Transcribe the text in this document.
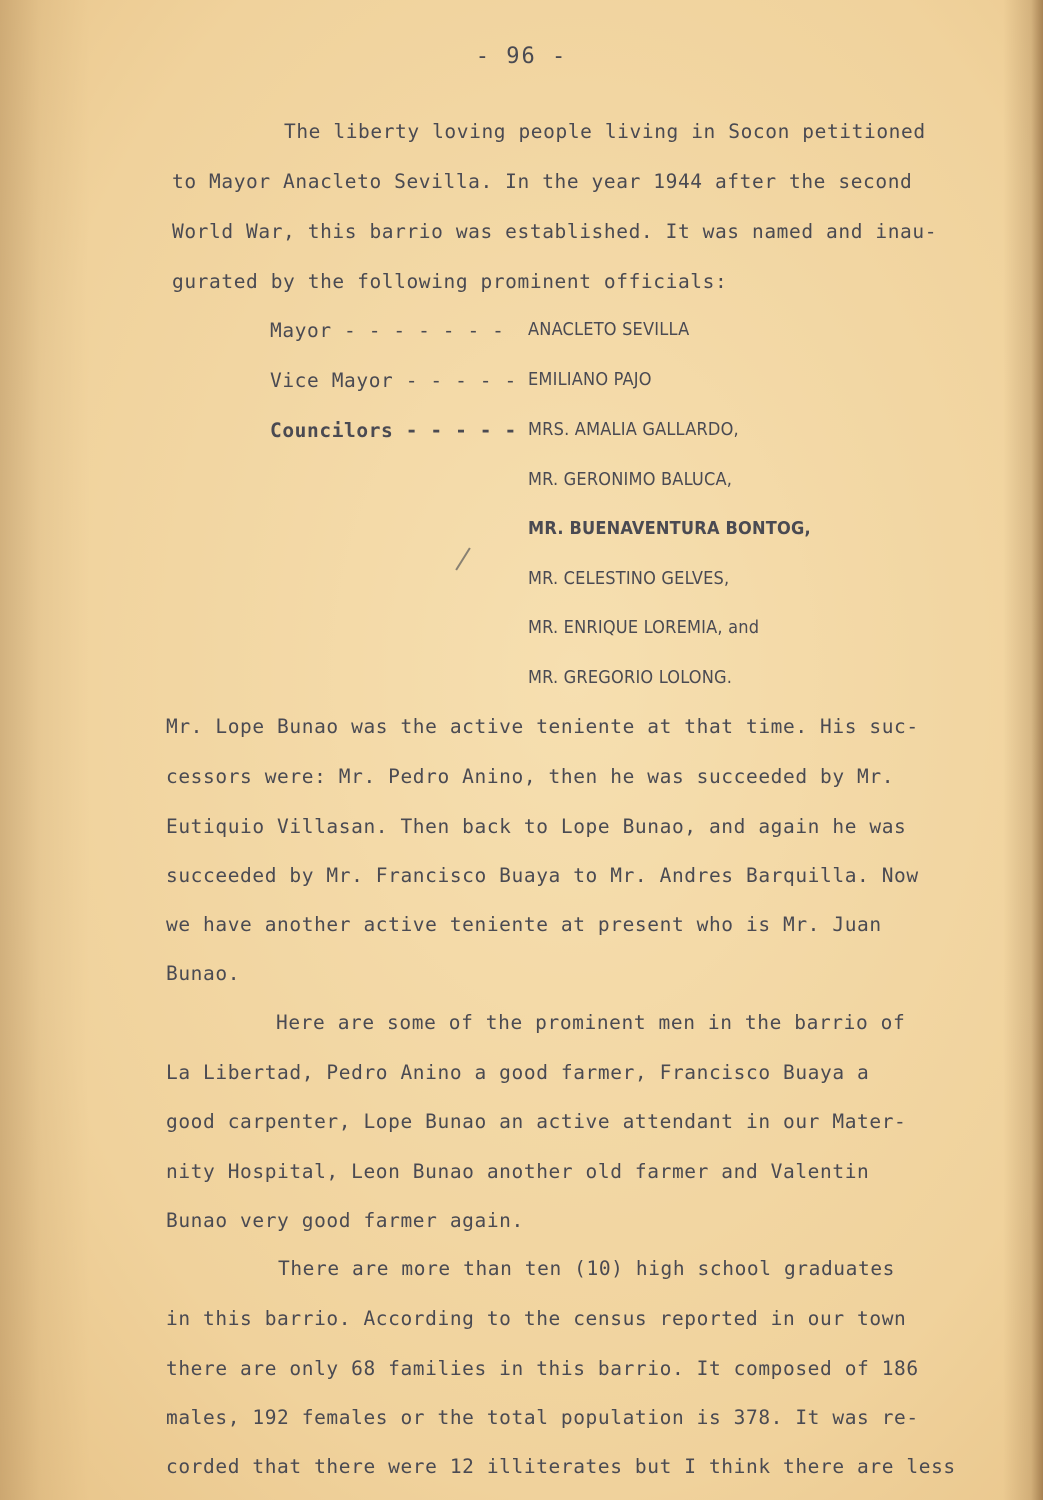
- 96 -
The liberty loving people living in Socon petitioned
to Mayor Anacleto Sevilla. In the year 1944 after the second
World War, this barrio was established. It was named and inau-
gurated by the following prominent officials:
Mayor - - - - - - - ANACLETO SEVILLA
Vice Mayor - - - - - EMILIANO PAJO
Councilors - - - - - MRS. AMALIA GALLARDO,
MR. GERONIMO BALUCA,
MR. BUENAVENTURA BONTOG,
MR. CELESTINO GELVES,
MR. ENRIQUE LOREMIA, and
MR. GREGORIO LOLONG.
Mr. Lope Bunao was the active teniente at that time. His suc-
cessors were: Mr. Pedro Anino, then he was succeeded by Mr.
Eutiquio Villasan. Then back to Lope Bunao, and again he was
succeeded by Mr. Francisco Buaya to Mr. Andres Barquilla. Now
we have another active teniente at present who is Mr. Juan
Bunao.
Here are some of the prominent men in the barrio of
La Libertad, Pedro Anino a good farmer, Francisco Buaya a
good carpenter, Lope Bunao an active attendant in our Mater-
nity Hospital, Leon Bunao another old farmer and Valentin
Bunao very good farmer again.
There are more than ten (10) high school graduates
in this barrio. According to the census reported in our town
there are only 68 families in this barrio. It composed of 186
males, 192 females or the total population is 378. It was re-
corded that there were 12 illiterates but I think there are less
